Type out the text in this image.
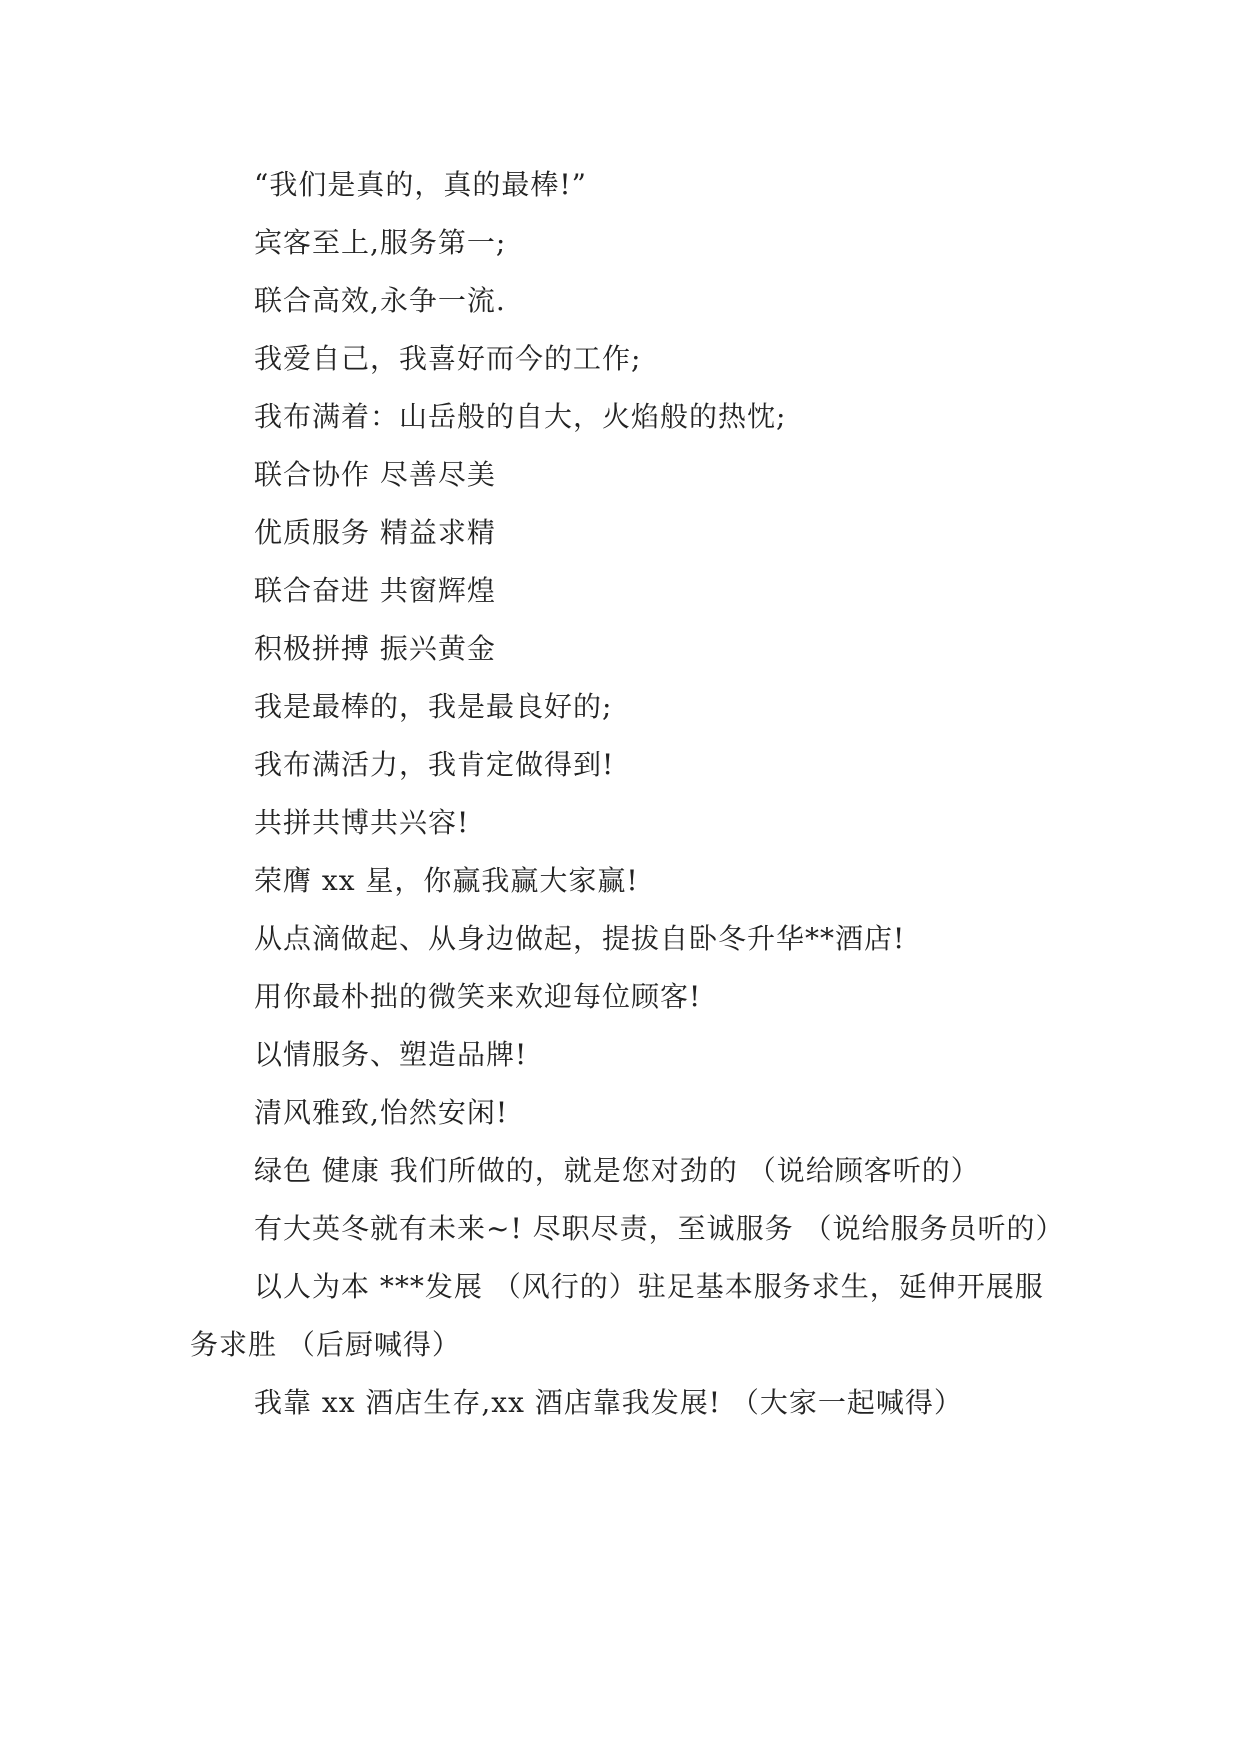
“我们是真的，真的最棒!”

宾客至上,服务第一;

联合高效,永争一流.

我爱自己，我喜好而今的工作;

我布满着：山岳般的自大，火焰般的热忱;

联合协作 尽善尽美

优质服务 精益求精

联合奋进 共窗辉煌

积极拼搏 振兴黄金

我是最棒的，我是最良好的;

我布满活力，我肯定做得到!

共拼共博共兴容!

荣膺 xx 星，你赢我赢大家赢!

从点滴做起、从身边做起，提拔自卧冬升华**酒店!

用你最朴拙的微笑来欢迎每位顾客!

以情服务、塑造品牌!

清风雅致,怡然安闲!

绿色 健康 我们所做的，就是您对劲的 （说给顾客听的）

有大英冬就有未来~! 尽职尽责，至诚服务 （说给服务员听的）

以人为本 ***发展 （风行的）驻足基本服务求生，延伸开展服务求胜 （后厨喊得）

我靠 xx 酒店生存,xx 酒店靠我发展! （大家一起喊得）
